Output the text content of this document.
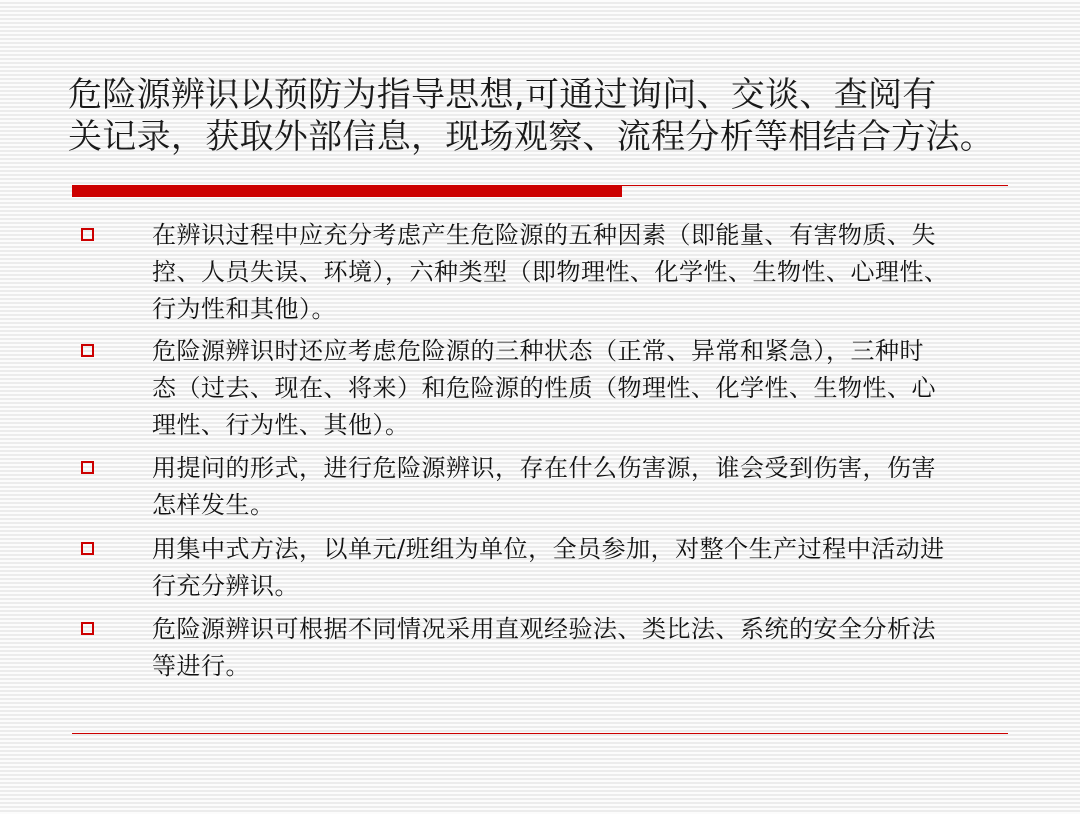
危险源辨识以预防为指导思想,可通过询问、交谈、查阅有
关记录，获取外部信息，现场观察、流程分析等相结合方法。
在辨识过程中应充分考虑产生危险源的五种因素（即能量、有害物质、失
控、人员失误、环境），六种类型（即物理性、化学性、生物性、心理性、
行为性和其他）。
危险源辨识时还应考虑危险源的三种状态（正常、异常和紧急），三种时
态（过去、现在、将来）和危险源的性质（物理性、化学性、生物性、心
理性、行为性、其他）。
用提问的形式，进行危险源辨识，存在什么伤害源，谁会受到伤害，伤害
怎样发生。
用集中式方法，以单元/班组为单位，全员参加，对整个生产过程中活动进
行充分辨识。
危险源辨识可根据不同情况采用直观经验法、类比法、系统的安全分析法
等进行。
